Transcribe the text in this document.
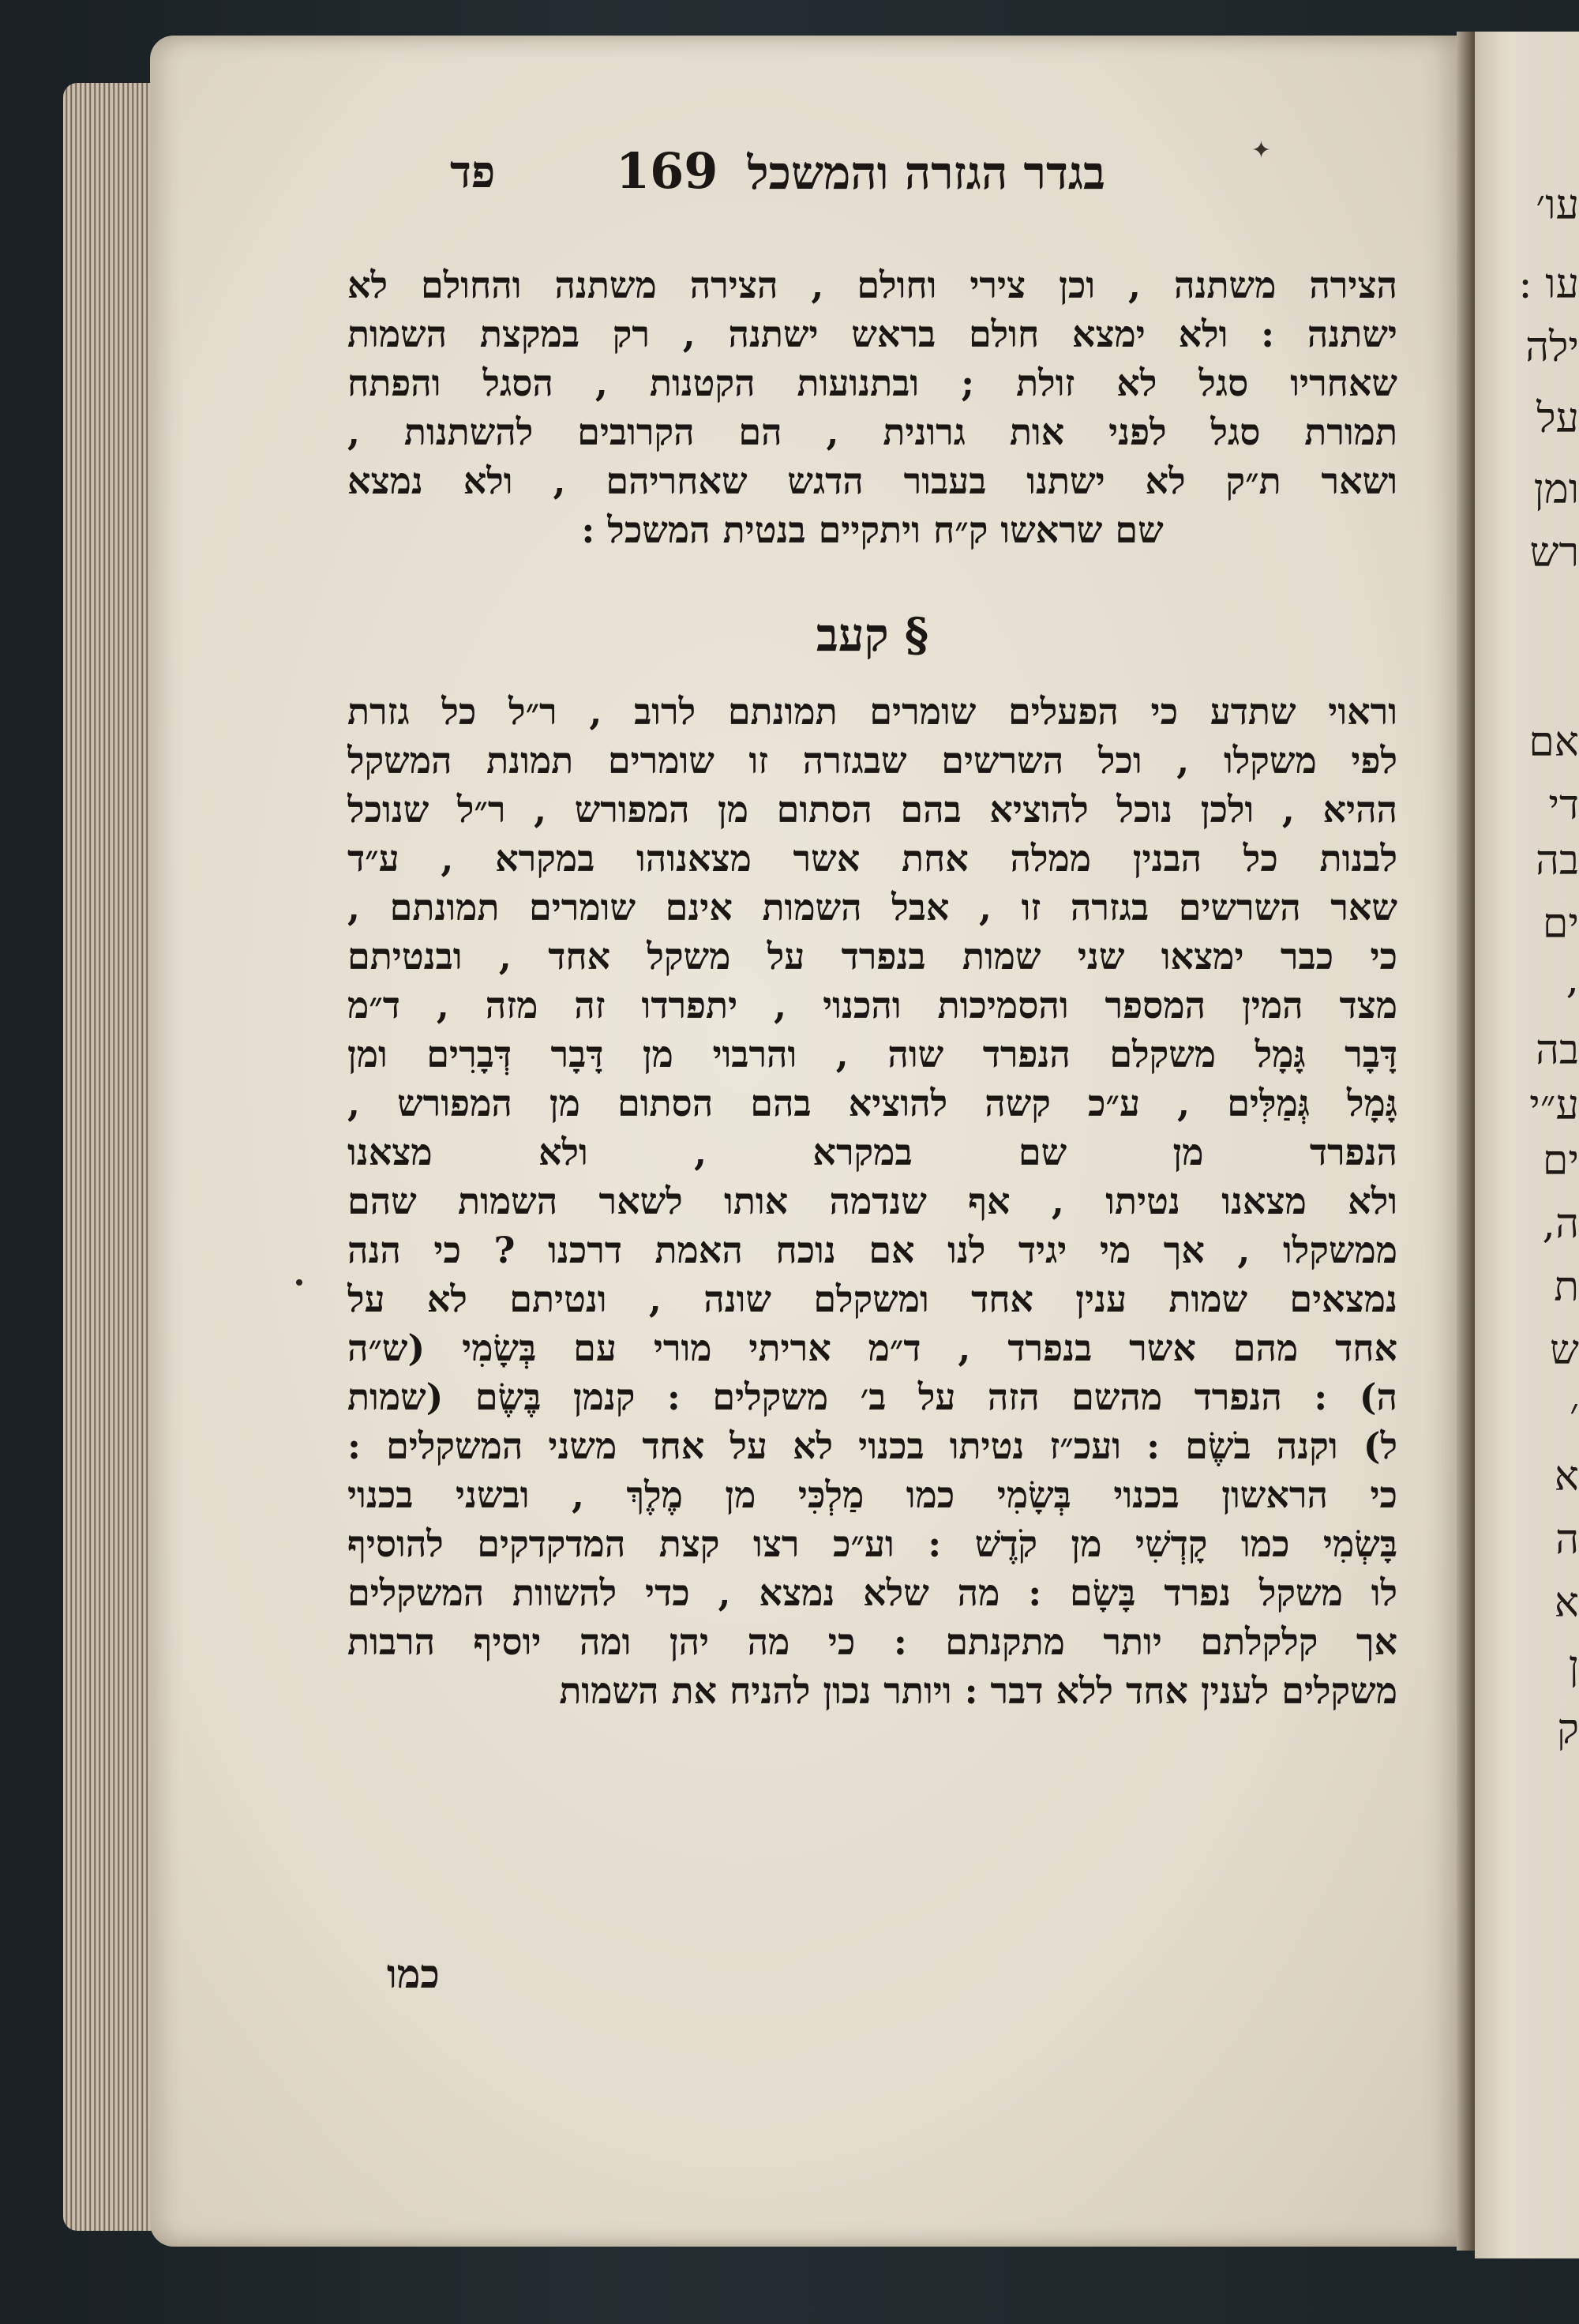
עו׳
עו :
ילה
על
ומן
רש
אם
די
בה
ים
,
בה
ע״י
ים
ה,
ת
ש
׳
א
ה
א
ן
ק
בגדר הגזרה והמשכל
169
פד	✦
הצירה משתנה , וכן צירי וחולם , הצירה משתנה והחולם לא
ישתנה : ולא ימצא חולם בראש ישתנה , רק במקצת השמות
שאחריו סגל לא זולת ; ובתנועות הקטנות , הסגל והפתח
תמורת סגל לפני אות גרונית , הם הקרובים להשתנות ,
ושאר ת״ק לא ישתנו בעבור הדגש שאחריהם , ולא נמצא
שם שראשו ק״ח ויתקיים בנטית המשכל :
§ קעב
וראוי שתדע כי הפעלים שומרים תמונתם לרוב , ר״ל כל גזרת
לפי משקלו , וכל השרשים שבגזרה זו שומרים תמונת המשקל
ההיא , ולכן נוכל להוציא בהם הסתום מן המפורש , ר״ל שנוכל
לבנות כל הבנין ממלה אחת אשר מצאנוהו במקרא , ע״ד
שאר השרשים בגזרה זו , אבל השמות אינם שומרים תמונתם ,
כי כבר ימצאו שני שמות בנפרד על משקל אחד , ובנטיתם
מצד המין המספר והסמיכות והכנוי , יתפרדו זה מזה , ד״מ
דָּבָר גָּמָל משקלם הנפרד שוה , והרבוי מן דָּבָר דְּבָרִים ומן
גָּמָל גְּמַלִּים , ע״כ קשה להוציא בהם הסתום מן המפורש ,
הנפרד מן שם במקרא , ולא מצאנו
ולא מצאנו נטיתו , אף שנדמה אותו לשאר השמות שהם
ממשקלו , אך מי יגיד לנו אם נוכח האמת דרכנו ? כי הנה
נמצאים שמות ענין אחד ומשקלם שונה , ונטיתם לא על
אחד מהם אשר בנפרד , ד״מ אריתי מורי עם בְּשָׂמִי (ש״ה
ה) : הנפרד מהשם הזה על ב׳ משקלים : קנמן בֶּשֶׂם (שמות
ל) וקנה בֹשֶׂם : ועכ״ז נטיתו בכנוי לא על אחד משני המשקלים :
כי הראשון בכנוי בְּשָׂמִי כמו מַלְכִּי מן מֶלֶךְ , ובשני בכנוי
בָּשְׂמִי כמו קָדְשִׁי מן קֹדֶשׁ : וע״כ רצו קצת המדקדקים להוסיף
לו משקל נפרד בָּשָׂם : מה שלא נמצא , כדי להשוות המשקלים
אך קלקלתם יותר מתקנתם : כי מה יהן ומה יוסיף הרבות
משקלים לענין אחד ללא דבר : ויותר נכון להניח את השמות
כמו
